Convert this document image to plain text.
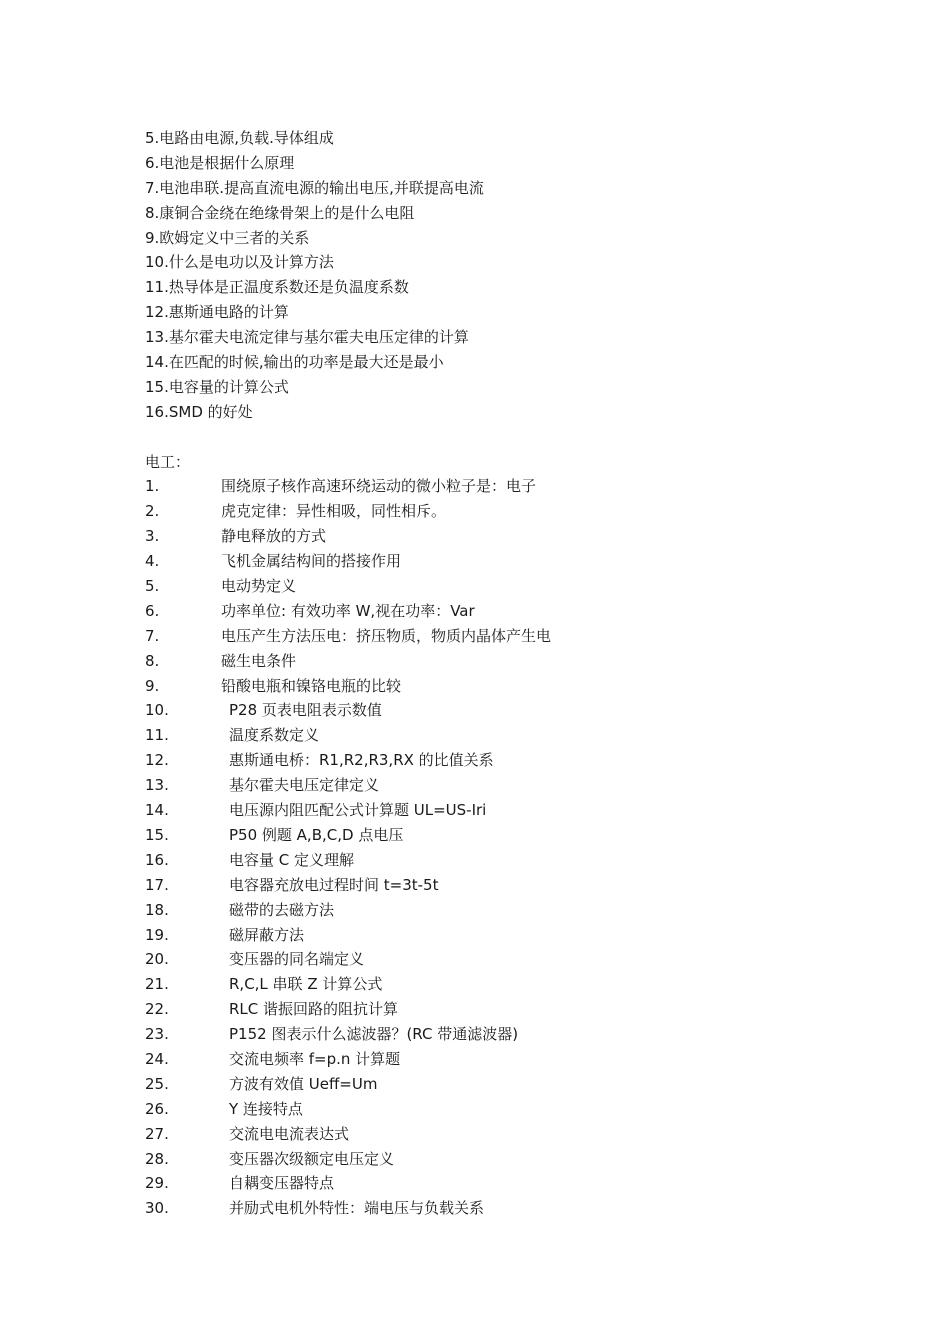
5.电路由电源,负载.导体组成
6.电池是根据什么原理
7.电池串联.提高直流电源的输出电压,并联提高电流
8.康铜合金绕在绝缘骨架上的是什么电阻
9.欧姆定义中三者的关系
10.什么是电功以及计算方法
11.热导体是正温度系数还是负温度系数
12.惠斯通电路的计算
13.基尔霍夫电流定律与基尔霍夫电压定律的计算
14.在匹配的时候,输出的功率是最大还是最小
15.电容量的计算公式
16.SMD 的好处
电工：
1.	围绕原子核作高速环绕运动的微小粒子是：电子
2.	虎克定律：异性相吸，同性相斥。
3.	静电释放的方式
4.	飞机金属结构间的搭接作用
5.	电动势定义
6.	功率单位: 有效功率 W,视在功率：Var
7.	电压产生方法压电：挤压物质，物质内晶体产生电
8.	磁生电条件
9.	铅酸电瓶和镍铬电瓶的比较
10.	P28 页表电阻表示数值
11.	温度系数定义
12.	惠斯通电桥：R1,R2,R3,RX 的比值关系
13.	基尔霍夫电压定律定义
14.	电压源内阻匹配公式计算题 UL=US-Iri
15.	P50 例题 A,B,C,D 点电压
16.	电容量 C 定义理解
17.	电容器充放电过程时间 t=3t-5t
18.	磁带的去磁方法
19.	磁屏蔽方法
20.	变压器的同名端定义
21.	R,C,L 串联 Z 计算公式
22.	RLC 谐振回路的阻抗计算
23.	P152 图表示什么滤波器？(RC 带通滤波器)
24.	交流电频率 f=p.n 计算题
25.	方波有效值 Ueff=Um
26.	Y 连接特点
27.	交流电电流表达式
28.	变压器次级额定电压定义
29.	自耦变压器特点
30.	并励式电机外特性：端电压与负载关系
